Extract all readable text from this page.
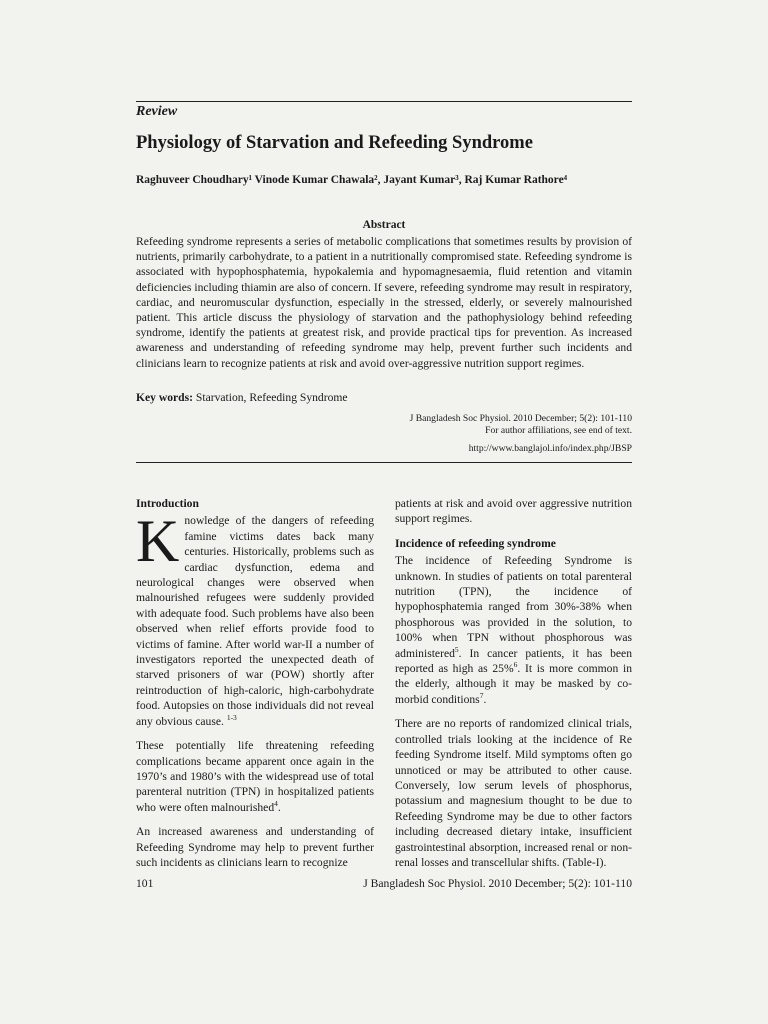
Review
Physiology of Starvation and Refeeding Syndrome
Raghuveer Choudhary¹ Vinode Kumar Chawala², Jayant Kumar³, Raj Kumar Rathore⁴
Abstract

Refeeding syndrome represents a series of metabolic complications that sometimes results by provision of nutrients, primarily carbohydrate, to a patient in a nutritionally compromised state. Refeeding syndrome is associated with hypophosphatemia, hypokalemia and hypomagnesaemia, fluid retention and vitamin deficiencies including thiamin are also of concern. If severe, refeeding syndrome may result in respiratory, cardiac, and neuromuscular dysfunction, especially in the stressed, elderly, or severely malnourished patient. This article discuss the physiology of starvation and the pathophysiology behind refeeding syndrome, identify the patients at greatest risk, and provide practical tips for prevention. As increased awareness and understanding of refeeding syndrome may help, prevent further such incidents and clinicians learn to recognize patients at risk and avoid over-aggressive nutrition support regimes.

Key words: Starvation, Refeeding Syndrome
J Bangladesh Soc Physiol. 2010 December; 5(2): 101-110
For author affiliations, see end of text.
http://www.banglajol.info/index.php/JBSP
Introduction

Knowledge of the dangers of refeeding famine victims dates back many centuries. Historically, problems such as cardiac dysfunction, edema and neurological changes were observed when malnourished refugees were suddenly provided with adequate food. Such problems have also been observed when relief efforts provide food to victims of famine. After world war-II a number of investigators reported the unexpected death of starved prisoners of war (POW) shortly after reintroduction of high-caloric, high-carbohydrate food. Autopsies on those individuals did not reveal any obvious cause. $^{1-3}$

These potentially life threatening refeeding complications became apparent once again in the 1970’s and 1980’s with the widespread use of total parenteral nutrition (TPN) in hospitalized patients who were often malnourished$^4$.

An increased awareness and understanding of Refeeding Syndrome may help to prevent further such incidents as clinicians learn to recognize

patients at risk and avoid over aggressive nutrition support regimes.

Incidence of refeeding syndrome

The incidence of Refeeding Syndrome is unknown. In studies of patients on total parenteral nutrition (TPN), the incidence of hypophosphatemia ranged from 30%-38% when phosphorous was provided in the solution, to 100% when TPN without phosphorous was administered$^5$. In cancer patients, it has been reported as high as 25%$^6$. It is more common in the elderly, although it may be masked by co-morbid conditions$^7$.

There are no reports of randomized clinical trials, controlled trials looking at the incidence of Re feeding Syndrome itself. Mild symptoms often go unnoticed or may be attributed to other cause. Conversely, low serum levels of phosphorus, potassium and magnesium thought to be due to Refeeding Syndrome may be due to other factors including decreased dietary intake, insufficient gastrointestinal absorption, increased renal or non-renal losses and transcellular shifts. (Table-I).

101	J Bangladesh Soc Physiol. 2010 December; 5(2): 101-110
